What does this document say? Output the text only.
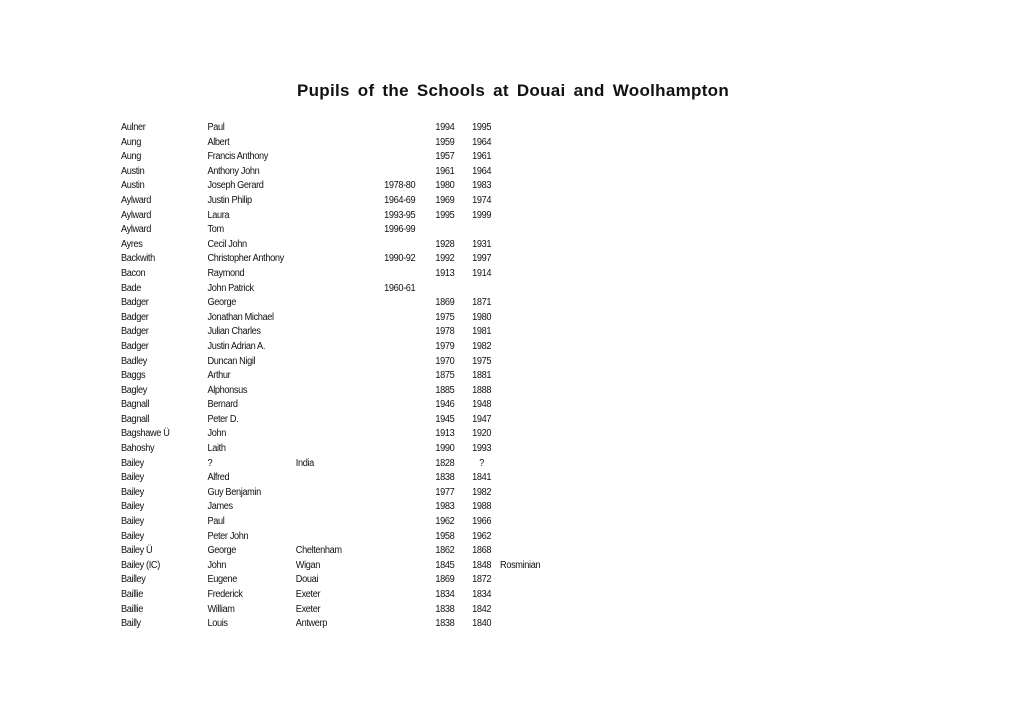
Pupils of the Schools at Douai and Woolhampton
Aulner	Paul	1994	1995
Aung	Albert	1959	1964
Aung	Francis Anthony	1957	1961
Austin	Anthony John	1961	1964
Austin	Joseph Gerard	1978-80	1980	1983
Aylward	Justin Philip	1964-69	1969	1974
Aylward	Laura	1993-95	1995	1999
Aylward	Tom	1996-99
Ayres	Cecil John	1928	1931
Backwith	Christopher Anthony	1990-92	1992	1997
Bacon	Raymond	1913	1914
Bade	John Patrick	1960-61
Badger	George	1869	1871
Badger	Jonathan Michael	1975	1980
Badger	Julian Charles	1978	1981
Badger	Justin Adrian A.	1979	1982
Badley	Duncan Nigil	1970	1975
Baggs	Arthur	1875	1881
Bagley	Alphonsus	1885	1888
Bagnall	Bernard	1946	1948
Bagnall	Peter D.	1945	1947
Bagshawe Ü	John	1913	1920
Bahoshy	Laith	1990	1993
Bailey	?	India	1828	?
Bailey	Alfred	1838	1841
Bailey	Guy Benjamin	1977	1982
Bailey	James	1983	1988
Bailey	Paul	1962	1966
Bailey	Peter John	1958	1962
Bailey Ü	George	Cheltenham	1862	1868
Bailey (IC)	John	Wigan	1845	1848 Rosminian
Bailley	Eugene	Douai	1869	1872
Baillie	Frederick	Exeter	1834	1834
Baillie	William	Exeter	1838	1842
Bailly	Louis	Antwerp	1838	1840
